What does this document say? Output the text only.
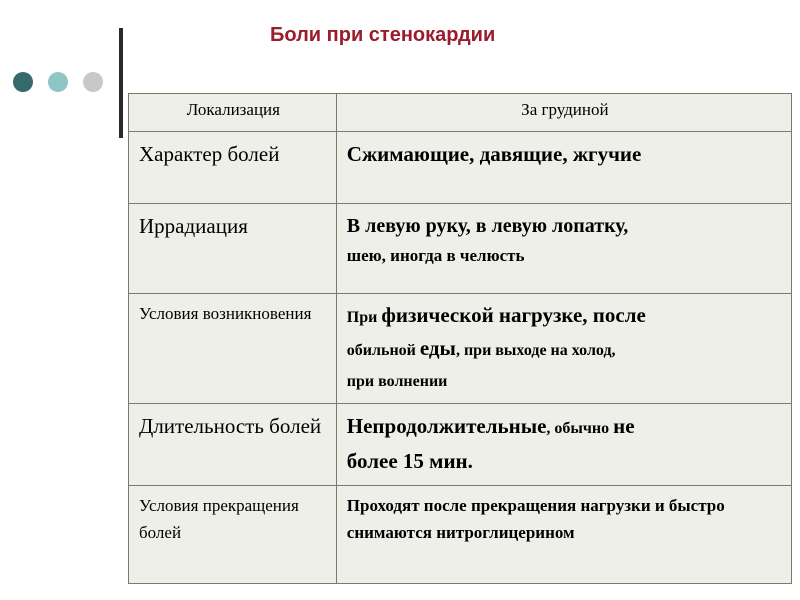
Боли при стенокардии
Локализация	За грудиной
Характер болей	Сжимающие, давящие, жгучие
Иррадиация	В левую руку, в левую лопатку,
шею, иногда в челюсть

Условия возникновения	При физической нагрузке, после
обильной еды, при выходе на холод,
при волнении
Длительность болей	Непродолжительные, обычно не
более 15 мин.
Условия прекращения болей	Проходят после прекращения нагрузки и быстро снимаются нитроглицерином
